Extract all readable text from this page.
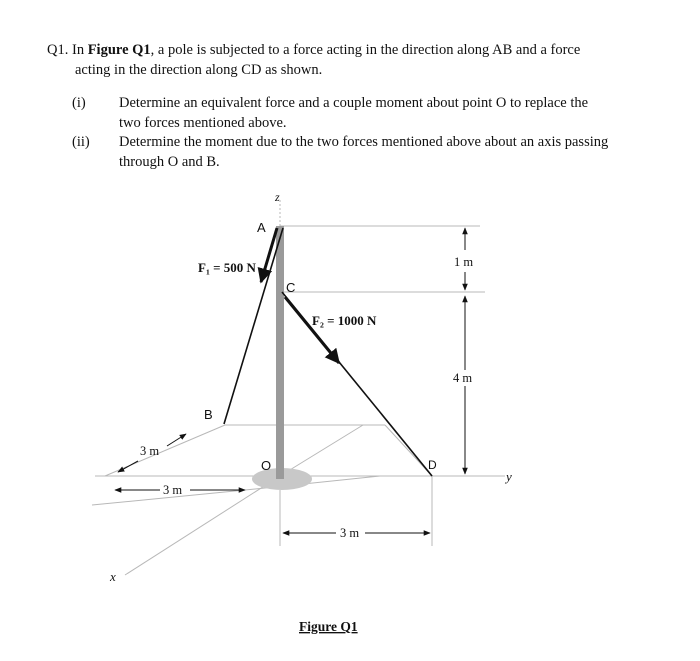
Q1. In Figure Q1, a pole is subjected to a force acting in the direction along AB and a force
acting in the direction along CD as shown.
(i) Determine an equivalent force and a couple moment about point O to replace the
two forces mentioned above.
(ii) Determine the moment due to the two forces mentioned above about an axis passing
through O and B.
z
y
x
A
B
C
D
O
F₁ = 500 N
F₂ = 1000 N
1 m
4 m
3 m
3 m
3 m
Figure Q1
